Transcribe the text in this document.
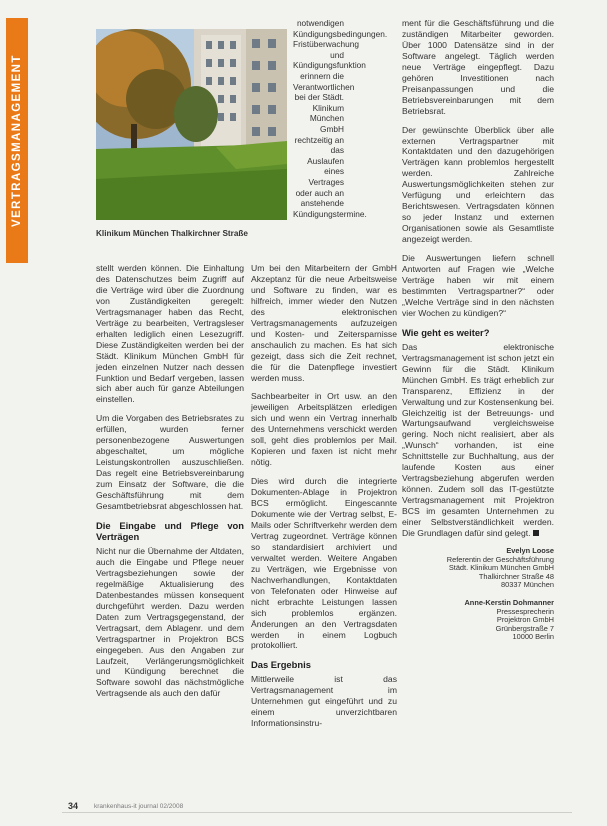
VERTRAGSMANAGEMENT
Klinikum München Thalkirchner Straße

notwendigen Kündigungsbedingungen. Fristüberwachung und Kündigungsfunktion erinnern die Verantwortlichen bei der Städt. Klinikum München GmbH rechtzeitig an das Auslaufen eines Vertrages oder auch an anstehende Kündigungstermine.

stellt werden können. Die Einhaltung des Datenschutzes beim Zugriff auf die Verträge wird über die Zuordnung von Zuständigkeiten geregelt: Vertragsmanager haben das Recht, Verträge zu bearbeiten, Vertragsleser erhalten lediglich einen Lesezugriff. Diese Zuständigkeiten werden bei der Städt. Klinikum München GmbH für jeden einzelnen Nutzer nach dessen Funktion und Bedarf vergeben, lassen sich aber auch für ganze Abteilungen einstellen.

Um die Vorgaben des Betriebsrates zu erfüllen, wurden ferner personenbezogene Auswertungen abgeschaltet, um mögliche Leistungskontrollen auszuschließen. Das regelt eine Betriebsvereinbarung zum Einsatz der Software, die die Geschäftsführung mit dem Gesamtbetriebsrat abgeschlossen hat.

Die Eingabe und Pflege von Verträgen

Nicht nur die Übernahme der Altdaten, auch die Eingabe und Pflege neuer Vertragsbeziehungen sowie der regelmäßige Aktualisierung des Datenbestandes müssen konsequent durchgeführt werden. Dazu werden Daten zum Vertragsgegenstand, der Vertragsart, dem Ablagenr. und dem Vertragspartner in Projektron BCS eingegeben. Aus den Angaben zur Laufzeit, Verlängerungsmöglichkeit und Kündigung berechnet die Software sowohl das nächstmögliche Vertragsende als auch den dafür

Um bei den Mitarbeitern der GmbH Akzeptanz für die neue Arbeitsweise und Software zu finden, war es hilfreich, immer wieder den Nutzen des elektronischen Vertragsmanagements aufzuzeigen und Kosten- und Zeitersparnisse anschaulich zu machen. Es hat sich gezeigt, dass sich die Zeit rechnet, die für die Datenpflege investiert werden muss.

Sachbearbeiter in Ort usw. an den jeweiligen Arbeitsplätzen erledigen sich und wenn ein Vertrag innerhalb des Unternehmens verschickt werden soll, geht dies problemlos per Mail. Kopieren und faxen ist nicht mehr nötig.

Dies wird durch die integrierte Dokumenten-Ablage in Projektron BCS ermöglicht. Eingescannte Dokumente wie der Vertrag selbst, E-Mails oder Schriftverkehr werden dem Vertrag zugeordnet. Verträge können so standardisiert archiviert und verwaltet werden. Weitere Angaben zu Verträgen, wie Ergebnisse von Nachverhandlungen, Kontaktdaten von Telefonaten oder Hinweise auf nicht erbrachte Leistungen lassen sich problemlos ergänzen. Änderungen an den Vertragsdaten werden in einem Logbuch protokolliert.

Das Ergebnis

Mittlerweile ist das Vertragsmanagement im Unternehmen gut eingeführt und zu einem unverzichtbaren Informationsinstru-

ment für die Geschäftsführung und die zuständigen Mitarbeiter geworden. Über 1000 Datensätze sind in der Software angelegt. Täglich werden neue Verträge eingepflegt. Dazu gehören Investitionen nach Preisanpassungen und die Betriebsvereinbarungen mit dem Betriebsrat.

Der gewünschte Überblick über alle externen Vertragspartner mit Kontaktdaten und den dazugehörigen Verträgen kann problemlos hergestellt werden. Zahlreiche Auswertungsmöglichkeiten stehen zur Verfügung und erleichtern das Berichtswesen. Vertragsdaten können so jeder Instanz und externen Organisationen sowie als Gesamtliste angezeigt werden.

Die Auswertungen liefern schnell Antworten auf Fragen wie „Welche Verträge haben wir mit einem bestimmten Vertragspartner?“ oder „Welche Verträge sind in den nächsten vier Wochen zu kündigen?“

Wie geht es weiter?

Das elektronische Vertragsmanagement ist schon jetzt ein Gewinn für die Städt. Klinikum München GmbH. Es trägt erheblich zur Transparenz, Effizienz in der Verwaltung und zur Kostensenkung bei. Gleichzeitig ist der Betreuungs- und Wartungsaufwand vergleichsweise gering. Noch nicht realisiert, aber als „Wunsch“ vorhanden, ist eine Schnittstelle zur Buchhaltung, aus der laufende Kosten aus einer Vertragsbeziehung abgerufen werden können. Zudem soll das IT-gestützte Vertragsmanagement mit Projektron BCS im gesamten Unternehmen zu einer Selbstverständlichkeit werden. Die Grundlagen dafür sind gelegt.

Evelyn Loose
Referentin der Geschäftsführung
Städt. Klinikum München GmbH
Thalkirchner Straße 48
80337 München
Anne-Kerstin Dohmanner
Pressesprecherin
Projektron GmbH
Grünbergstraße 7
10000 Berlin
34 krankenhaus-it journal 02/2008
